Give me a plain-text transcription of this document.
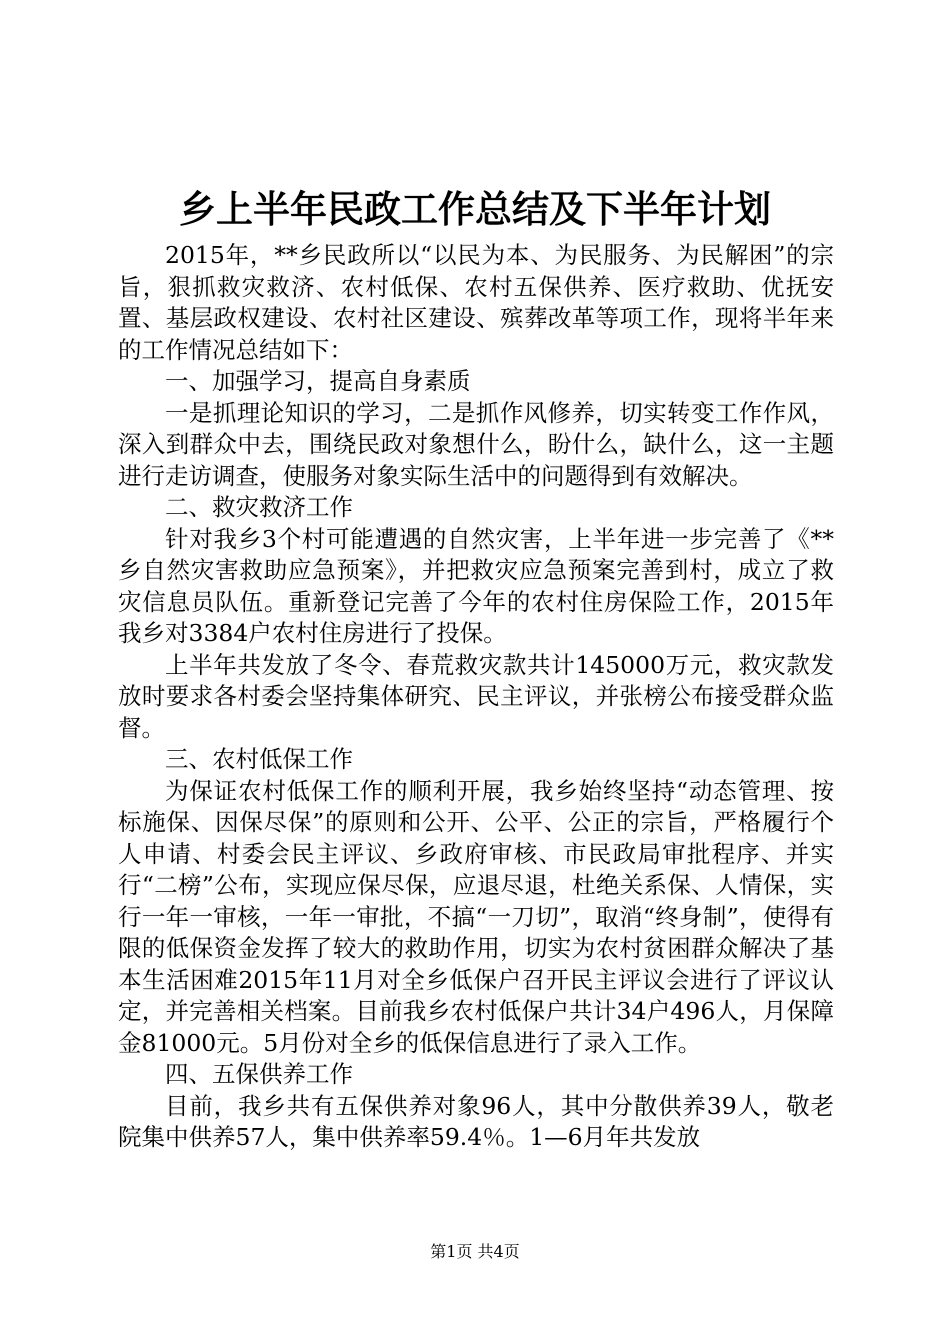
乡上半年民政工作总结及下半年计划

2015年，**乡民政所以“以民为本、为民服务、为民解困”的宗旨，狠抓救灾救济、农村低保、农村五保供养、医疗救助、优抚安置、基层政权建设、农村社区建设、殡葬改革等项工作，现将半年来的工作情况总结如下：

一、加强学习，提高自身素质

一是抓理论知识的学习，二是抓作风修养，切实转变工作作风，深入到群众中去，围绕民政对象想什么，盼什么，缺什么，这一主题进行走访调查，使服务对象实际生活中的问题得到有效解决。

二、救灾救济工作

针对我乡3个村可能遭遇的自然灾害，上半年进一步完善了《**乡自然灾害救助应急预案》，并把救灾应急预案完善到村，成立了救灾信息员队伍。重新登记完善了今年的农村住房保险工作，2015年我乡对3384户农村住房进行了投保。

上半年共发放了冬令、春荒救灾款共计145000万元，救灾款发放时要求各村委会坚持集体研究、民主评议，并张榜公布接受群众监督。

三、农村低保工作

为保证农村低保工作的顺利开展，我乡始终坚持“动态管理、按标施保、因保尽保”的原则和公开、公平、公正的宗旨，严格履行个人申请、村委会民主评议、乡政府审核、市民政局审批程序、并实行“二榜”公布，实现应保尽保，应退尽退，杜绝关系保、人情保，实行一年一审核，一年一审批，不搞“一刀切”，取消“终身制”，使得有限的低保资金发挥了较大的救助作用，切实为农村贫困群众解决了基本生活困难2015年11月对全乡低保户召开民主评议会进行了评议认定，并完善相关档案。目前我乡农村低保户共计34户496人，月保障金81000元。5月份对全乡的低保信息进行了录入工作。

四、五保供养工作

目前，我乡共有五保供养对象96人，其中分散供养39人，敬老院集中供养57人，集中供养率59.4％。1—6月年共发放

第1页 共4页
